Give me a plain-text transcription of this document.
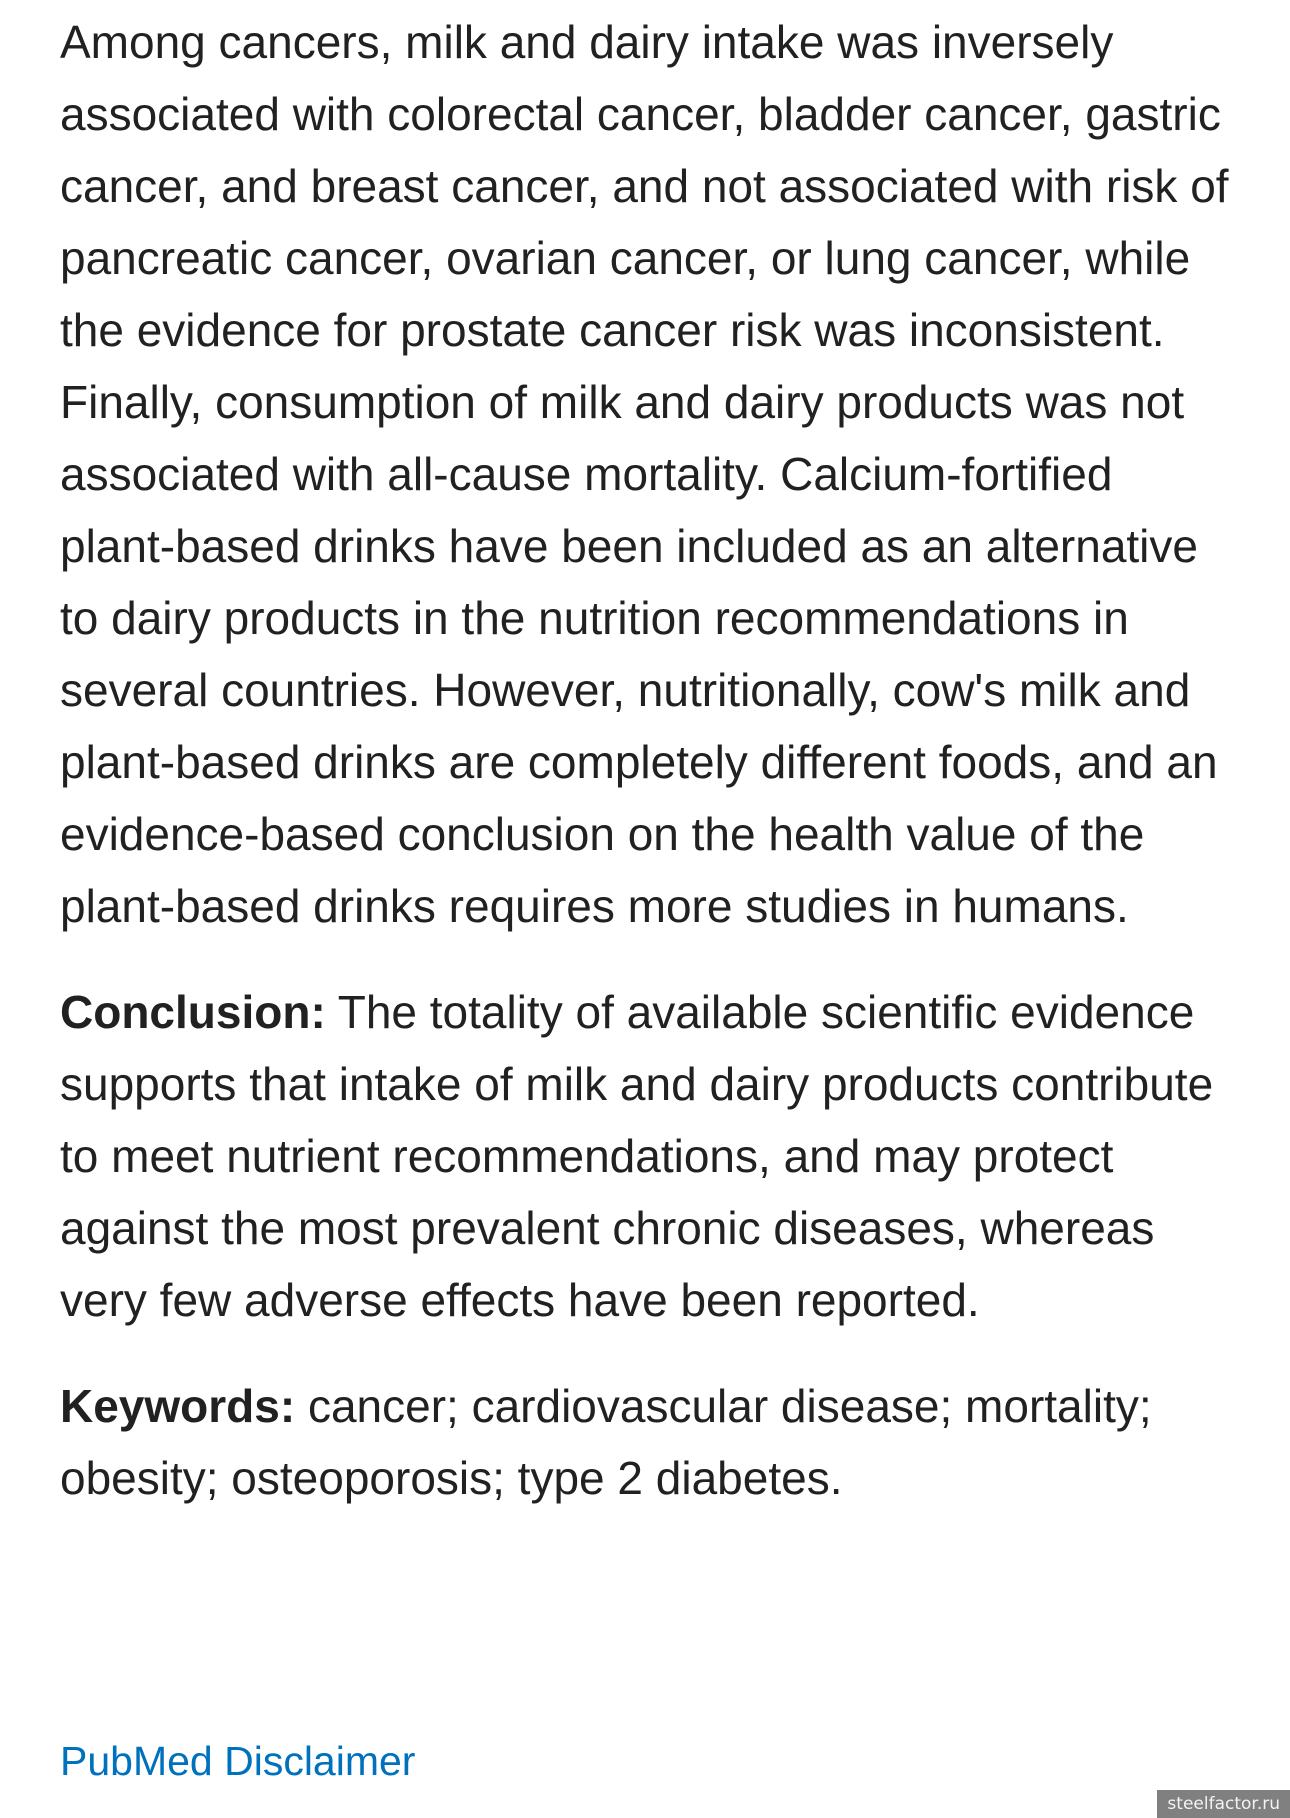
Among cancers, milk and dairy intake was inversely associated with colorectal cancer, bladder cancer, gastric cancer, and breast cancer, and not associated with risk of pancreatic cancer, ovarian cancer, or lung cancer, while the evidence for prostate cancer risk was inconsistent. Finally, consumption of milk and dairy products was not associated with all-cause mortality. Calcium-fortified plant-based drinks have been included as an alternative to dairy products in the nutrition recommendations in several countries. However, nutritionally, cow's milk and plant-based drinks are completely different foods, and an evidence-based conclusion on the health value of the plant-based drinks requires more studies in humans.

Conclusion: The totality of available scientific evidence supports that intake of milk and dairy products contribute to meet nutrient recommendations, and may protect against the most prevalent chronic diseases, whereas very few adverse effects have been reported.

Keywords: cancer; cardiovascular disease; mortality; obesity; osteoporosis; type 2 diabetes.

PubMed Disclaimer
steelfactor.ru
